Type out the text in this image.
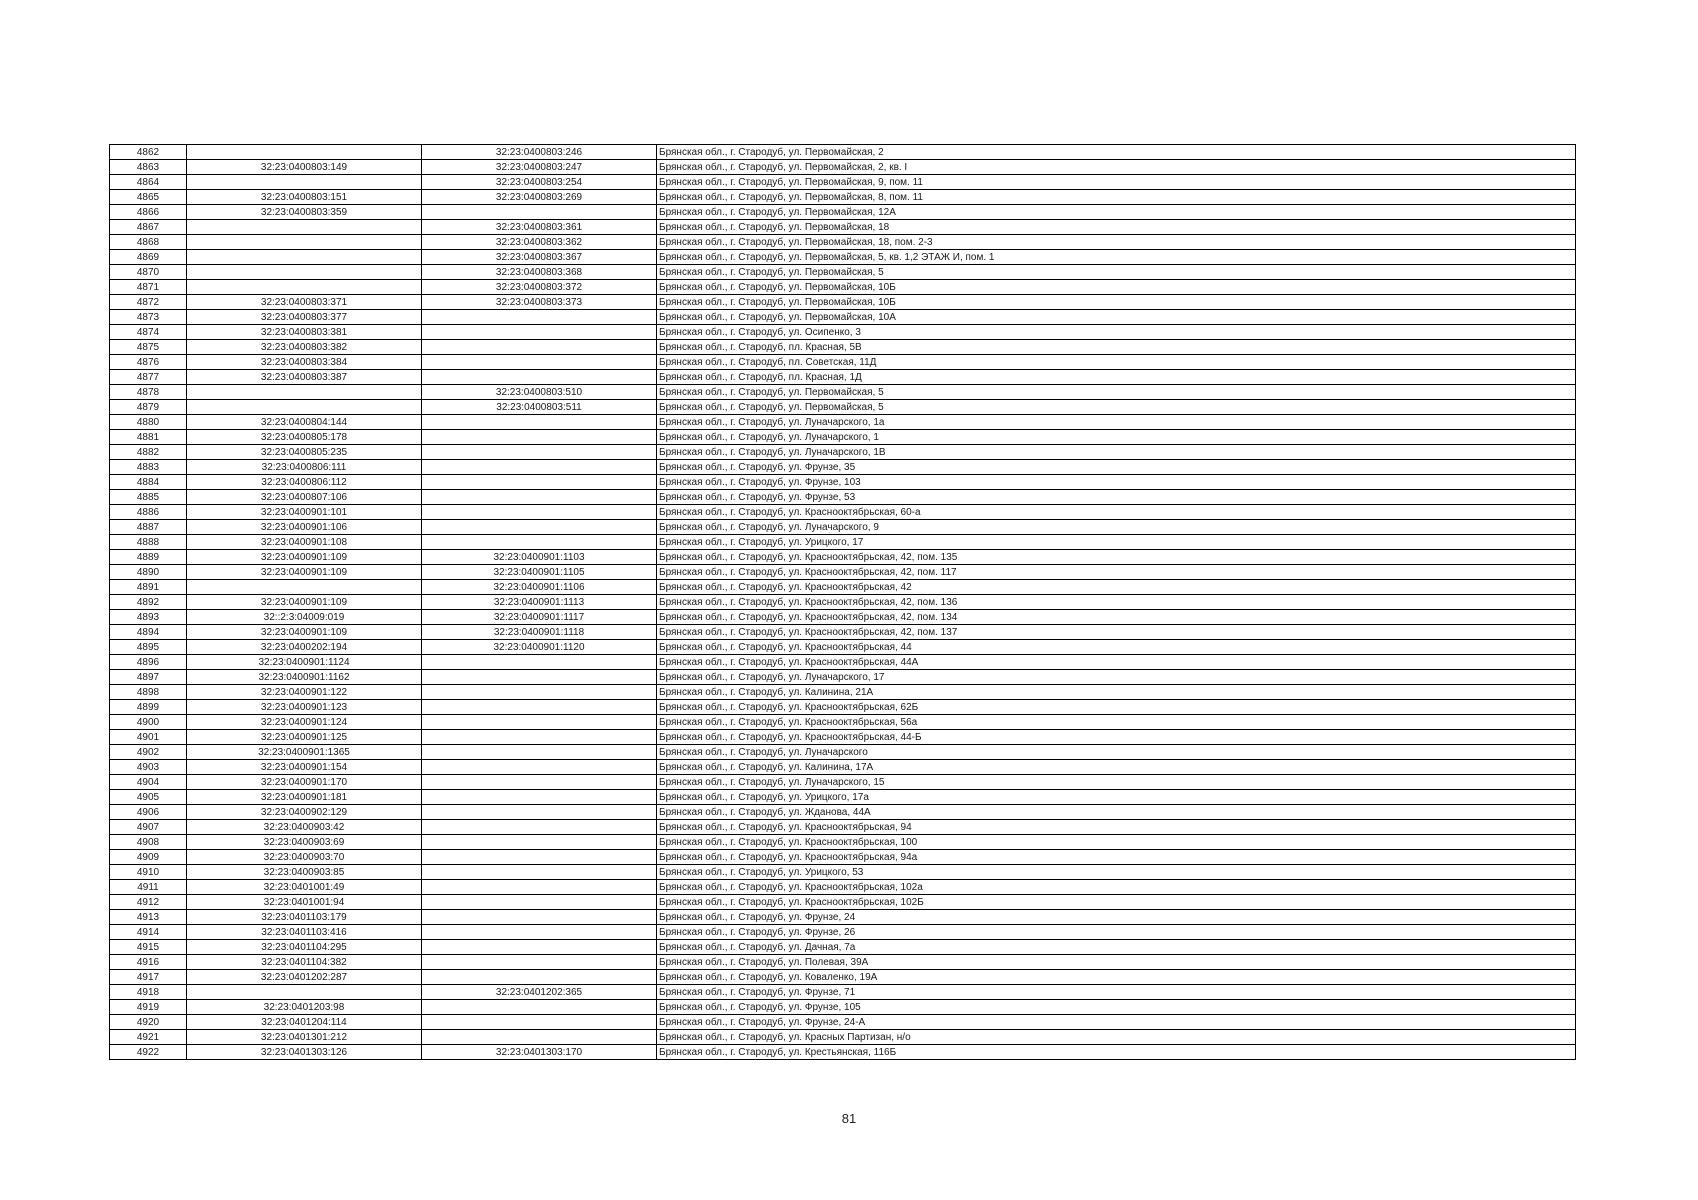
4862		32:23:0400803:246	Брянская обл., г. Стародуб, ул. Первомайская, 2
4863	32:23:0400803:149	32:23:0400803:247	Брянская обл., г. Стародуб, ул. Первомайская, 2, кв. I
4864		32:23:0400803:254	Брянская обл., г. Стародуб, ул. Первомайская, 9, пом. 11
4865	32:23:0400803:151	32:23:0400803:269	Брянская обл., г. Стародуб, ул. Первомайская, 8, пом. 11
4866	32:23:0400803:359		Брянская обл., г. Стародуб, ул. Первомайская, 12А
4867		32:23:0400803:361	Брянская обл., г. Стародуб, ул. Первомайская, 18
4868		32:23:0400803:362	Брянская обл., г. Стародуб, ул. Первомайская, 18, пом. 2-3
4869		32:23:0400803:367	Брянская обл., г. Стародуб, ул. Первомайская, 5, кв. 1,2 ЭТАЖ И, пом. 1
4870		32:23:0400803:368	Брянская обл., г. Стародуб, ул. Первомайская, 5
4871		32:23:0400803:372	Брянская обл., г. Стародуб, ул. Первомайская, 10Б
4872	32:23:0400803:371	32:23:0400803:373	Брянская обл., г. Стародуб, ул. Первомайская, 10Б
4873	32:23:0400803:377		Брянская обл., г. Стародуб, ул. Первомайская, 10А
4874	32:23:0400803:381		Брянская обл., г. Стародуб, ул. Осипенко, 3
4875	32:23:0400803:382		Брянская обл., г. Стародуб, пл. Красная, 5В
4876	32:23:0400803:384		Брянская обл., г. Стародуб, пл. Советская, 11Д
4877	32:23:0400803:387		Брянская обл., г. Стародуб, пл. Красная, 1Д
4878		32:23:0400803:510	Брянская обл., г. Стародуб, ул. Первомайская, 5
4879		32:23:0400803:511	Брянская обл., г. Стародуб, ул. Первомайская, 5
4880	32:23:0400804:144		Брянская обл., г. Стародуб, ул. Луначарского, 1а
4881	32:23:0400805:178		Брянская обл., г. Стародуб, ул. Луначарского, 1
4882	32:23:0400805:235		Брянская обл., г. Стародуб, ул. Луначарского, 1В
4883	32:23:0400806:111		Брянская обл., г. Стародуб, ул. Фрунзе, 35
4884	32:23:0400806:112		Брянская обл., г. Стародуб, ул. Фрунзе, 103
4885	32:23:0400807:106		Брянская обл., г. Стародуб, ул. Фрунзе, 53
4886	32:23:0400901:101		Брянская обл., г. Стародуб, ул. Краснооктябрьская, 60-а
4887	32:23:0400901:106		Брянская обл., г. Стародуб, ул. Луначарского, 9
4888	32:23:0400901:108		Брянская обл., г. Стародуб, ул. Урицкого, 17
4889	32:23:0400901:109	32:23:0400901:1103	Брянская обл., г. Стародуб, ул. Краснооктябрьская, 42, пом. 135
4890	32:23:0400901:109	32:23:0400901:1105	Брянская обл., г. Стародуб, ул. Краснооктябрьская, 42, пом. 117
4891		32:23:0400901:1106	Брянская обл., г. Стародуб, ул. Краснооктябрьская, 42
4892	32:23:0400901:109	32:23:0400901:1113	Брянская обл., г. Стародуб, ул. Краснооктябрьская, 42, пом. 136
4893	32::2:3:04009:019	32:23:0400901:1117	Брянская обл., г. Стародуб, ул. Краснооктябрьская, 42, пом. 134
4894	32:23:0400901:109	32:23:0400901:1118	Брянская обл., г. Стародуб, ул. Краснооктябрьская, 42, пом. 137
4895	32:23:0400202:194	32:23:0400901:1120	Брянская обл., г. Стародуб, ул. Краснооктябрьская, 44
4896	32:23:0400901:1124		Брянская обл., г. Стародуб, ул. Краснооктябрьская, 44А
4897	32:23:0400901:1162		Брянская обл., г. Стародуб, ул. Луначарского, 17
4898	32:23:0400901:122		Брянская обл., г. Стародуб, ул. Калинина, 21А
4899	32:23:0400901:123		Брянская обл., г. Стародуб, ул. Краснооктябрьская, 62Б
4900	32:23:0400901:124		Брянская обл., г. Стародуб, ул. Краснооктябрьская, 56а
4901	32:23:0400901:125		Брянская обл., г. Стародуб, ул. Краснооктябрьская, 44-Б
4902	32:23:0400901:1365		Брянская обл., г. Стародуб, ул. Луначарского
4903	32:23:0400901:154		Брянская обл., г. Стародуб, ул. Калинина, 17А
4904	32:23:0400901:170		Брянская обл., г. Стародуб, ул. Луначарского, 15
4905	32:23:0400901:181		Брянская обл., г. Стародуб, ул. Урицкого, 17а
4906	32:23:0400902:129		Брянская обл., г. Стародуб, ул. Жданова, 44А
4907	32:23:0400903:42		Брянская обл., г. Стародуб, ул. Краснооктябрьская, 94
4908	32:23:0400903:69		Брянская обл., г. Стародуб, ул. Краснооктябрьская, 100
4909	32:23:0400903:70		Брянская обл., г. Стародуб, ул. Краснооктябрьская, 94а
4910	32:23:0400903:85		Брянская обл., г. Стародуб, ул. Урицкого, 53
4911	32:23:0401001:49		Брянская обл., г. Стародуб, ул. Краснооктябрьская, 102а
4912	32:23:0401001:94		Брянская обл., г. Стародуб, ул. Краснооктябрьская, 102Б
4913	32:23:0401103:179		Брянская обл., г. Стародуб, ул. Фрунзе, 24
4914	32:23:0401103:416		Брянская обл., г. Стародуб, ул. Фрунзе, 26
4915	32:23:0401104:295		Брянская обл., г. Стародуб, ул. Дачная, 7а
4916	32:23:0401104:382		Брянская обл., г. Стародуб, ул. Полевая, 39А
4917	32:23:0401202:287		Брянская обл., г. Стародуб, ул. Коваленко, 19А
4918		32:23:0401202:365	Брянская обл., г. Стародуб, ул. Фрунзе, 71
4919	32:23:0401203:98		Брянская обл., г. Стародуб, ул. Фрунзе, 105
4920	32:23:0401204:114		Брянская обл., г. Стародуб, ул. Фрунзе, 24-А
4921	32:23:0401301:212		Брянская обл., г. Стародуб, ул. Красных Партизан, н/о
4922	32:23:0401303:126	32:23:0401303:170	Брянская обл., г. Стародуб, ул. Крестьянская, 116Б
81
